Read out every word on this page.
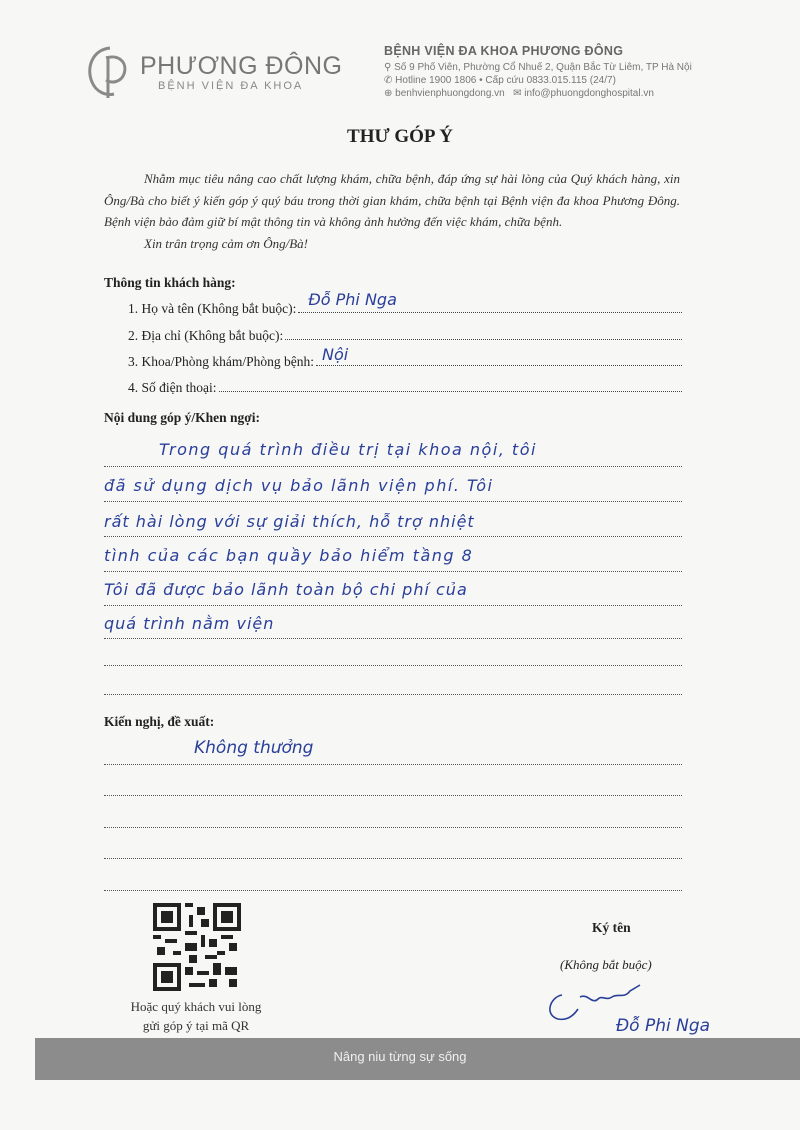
PHƯƠNG ĐÔNG
BỆNH VIỆN ĐA KHOA
BỆNH VIỆN ĐA KHOA PHƯƠNG ĐÔNG
⚲ Số 9 Phố Viên, Phường Cổ Nhuế 2, Quận Bắc Từ Liêm, TP Hà Nội
✆ Hotline 1900 1806 • Cấp cứu 0833.015.115 (24/7)
⊕ benhvienphuongdong.vn ✉ info@phuongdonghospital.vn
THƯ GÓP Ý

Nhằm mục tiêu nâng cao chất lượng khám, chữa bệnh, đáp ứng sự hài lòng của Quý khách hàng, xin Ông/Bà cho biết ý kiến góp ý quý báu trong thời gian khám, chữa bệnh tại Bệnh viện đa khoa Phương Đông. Bệnh viện bảo đảm giữ bí mật thông tin và không ảnh hưởng đến việc khám, chữa bệnh.

Xin trân trọng cảm ơn Ông/Bà!

Thông tin khách hàng:
1. Họ và tên (Không bắt buộc): Đỗ Phi Nga
2. Địa chỉ (Không bắt buộc):
3. Khoa/Phòng khám/Phòng bệnh: Nội
4. Số điện thoại:
Nội dung góp ý/Khen ngợi:
Trong quá trình điều trị tại khoa nội, tôi
đã sử dụng dịch vụ bảo lãnh viện phí. Tôi
rất hài lòng với sự giải thích, hỗ trợ nhiệt
tình của các bạn quầy bảo hiểm tầng 8
Tôi đã được bảo lãnh toàn bộ chi phí của
quá trình nằm viện
Kiến nghị, đề xuất:
Không thưởng
Hoặc quý khách vui lòng
gửi góp ý tại mã QR
Ký tên
(Không bắt buộc)
Đỗ Phi Nga
Nâng niu từng sự sống
